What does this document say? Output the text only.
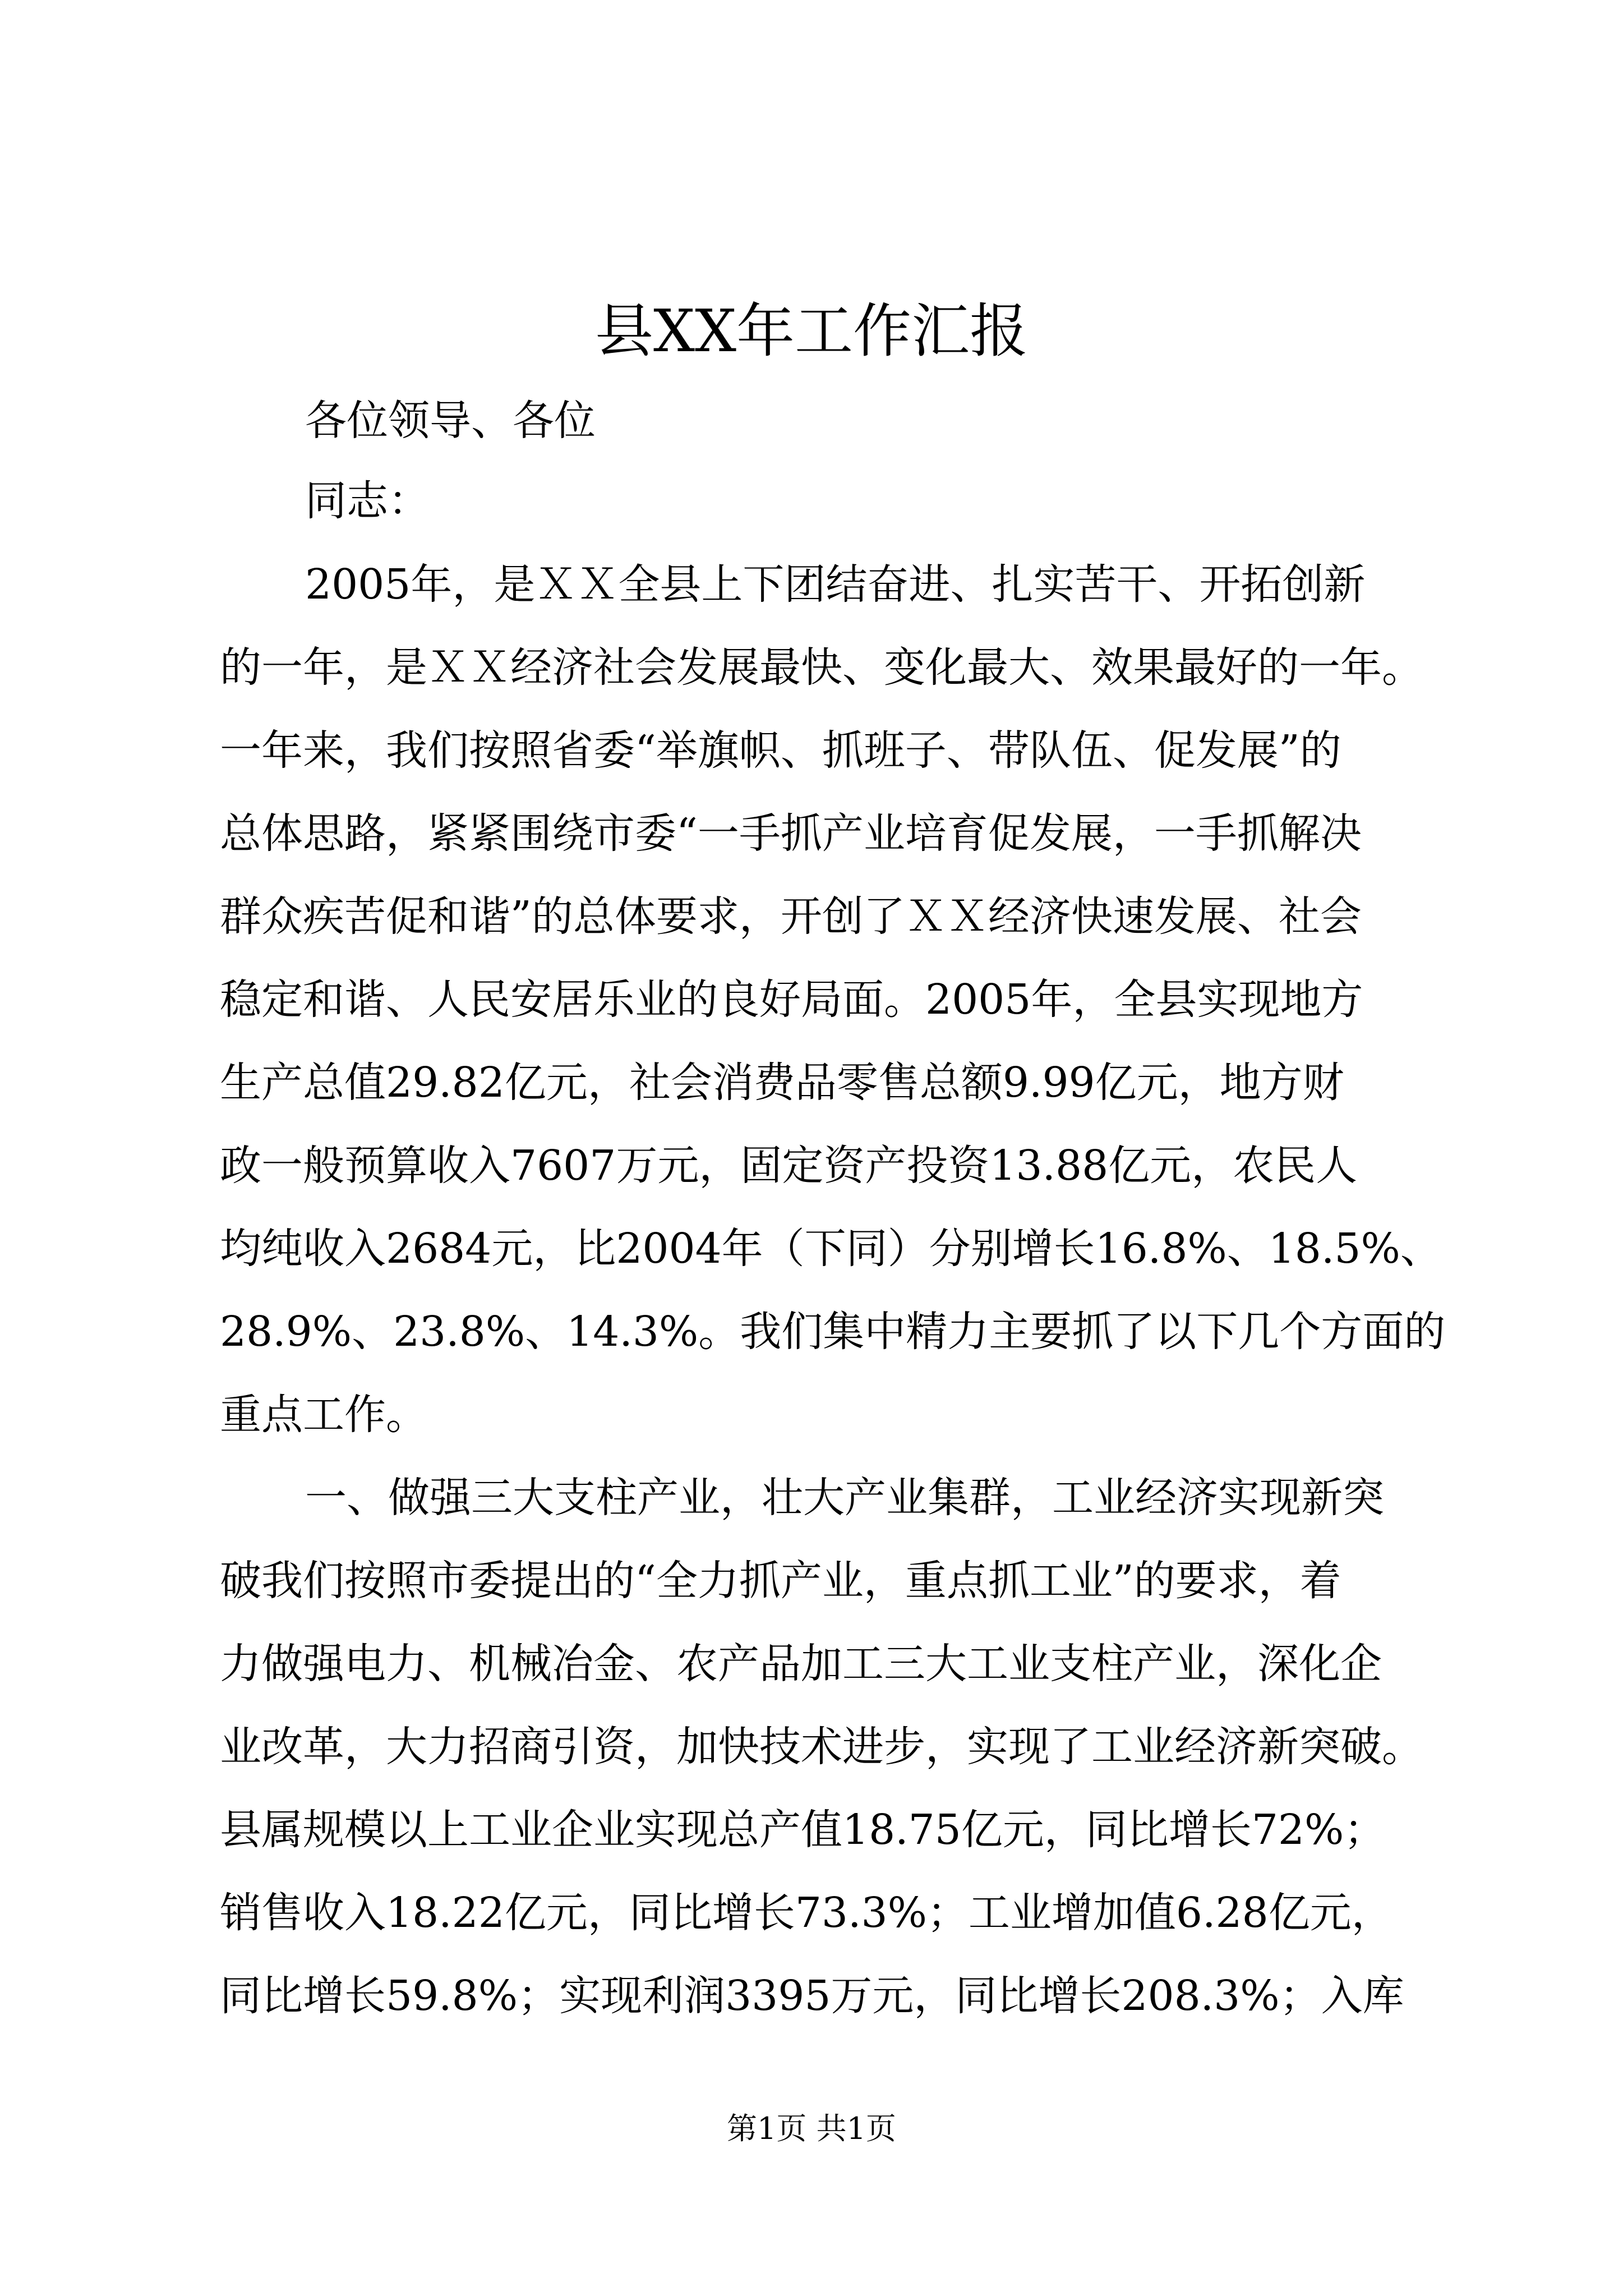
县XX年工作汇报
各位领导、各位
同志：
2005年，是ＸＸ全县上下团结奋进、扎实苦干、开拓创新
的一年，是ＸＸ经济社会发展最快、变化最大、效果最好的一年。
一年来，我们按照省委“举旗帜、抓班子、带队伍、促发展”的
总体思路，紧紧围绕市委“一手抓产业培育促发展，一手抓解决
群众疾苦促和谐”的总体要求，开创了ＸＸ经济快速发展、社会
稳定和谐、人民安居乐业的良好局面。2005年，全县实现地方
生产总值29.82亿元，社会消费品零售总额9.99亿元，地方财
政一般预算收入7607万元，固定资产投资13.88亿元，农民人
均纯收入2684元，比2004年（下同）分别增长16.8%、18.5%、
28.9%、23.8%、14.3%。我们集中精力主要抓了以下几个方面的
重点工作。
一、做强三大支柱产业，壮大产业集群，工业经济实现新突
破我们按照市委提出的“全力抓产业，重点抓工业”的要求，着
力做强电力、机械冶金、农产品加工三大工业支柱产业，深化企
业改革，大力招商引资，加快技术进步，实现了工业经济新突破。
县属规模以上工业企业实现总产值18.75亿元，同比增长72%；
销售收入18.22亿元，同比增长73.3%；工业增加值6.28亿元，
同比增长59.8%；实现利润3395万元，同比增长208.3%；入库
第1页 共1页
